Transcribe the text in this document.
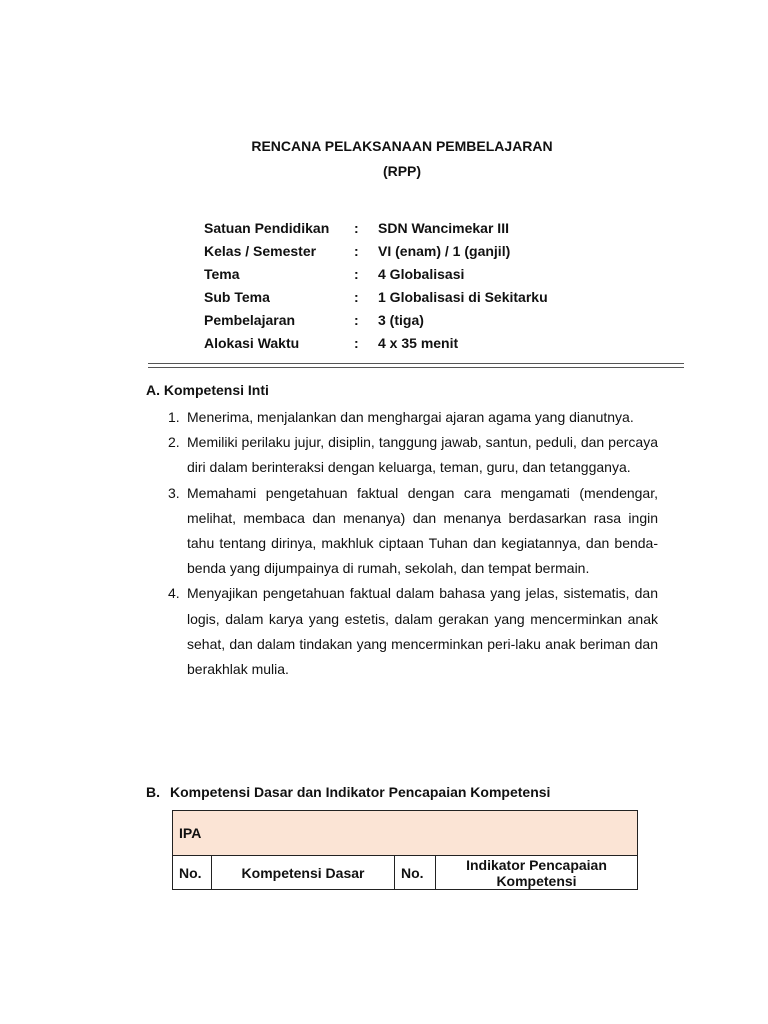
RENCANA PELAKSANAAN PEMBELAJARAN
(RPP)
Satuan Pendidikan	:	SDN Wancimekar III
Kelas / Semester	:	VI (enam) / 1 (ganjil)
Tema	:	4 Globalisasi
Sub Tema	:	1 Globalisasi di Sekitarku
Pembelajaran	:	3 (tiga)
Alokasi Waktu	:	4 x 35 menit
A. Kompetensi Inti
1. Menerima, menjalankan dan menghargai ajaran agama yang dianutnya.
2. Memiliki perilaku jujur, disiplin, tanggung jawab, santun, peduli, dan percaya diri dalam berinteraksi dengan keluarga, teman, guru, dan tetangganya.
3. Memahami pengetahuan faktual dengan cara mengamati (mendengar, melihat, membaca dan menanya) dan menanya berdasarkan rasa ingin tahu tentang dirinya, makhluk ciptaan Tuhan dan kegiatannya, dan benda-benda yang dijumpainya di rumah, sekolah, dan tempat bermain.
4. Menyajikan pengetahuan faktual dalam bahasa yang jelas, sistematis, dan logis, dalam karya yang estetis, dalam gerakan yang mencerminkan anak sehat, dan dalam tindakan yang mencerminkan peri-laku anak beriman dan berakhlak mulia.
B. Kompetensi Dasar dan Indikator Pencapaian Kompetensi
IPA
No.	Kompetensi Dasar	No.	Indikator Pencapaian Kompetensi
